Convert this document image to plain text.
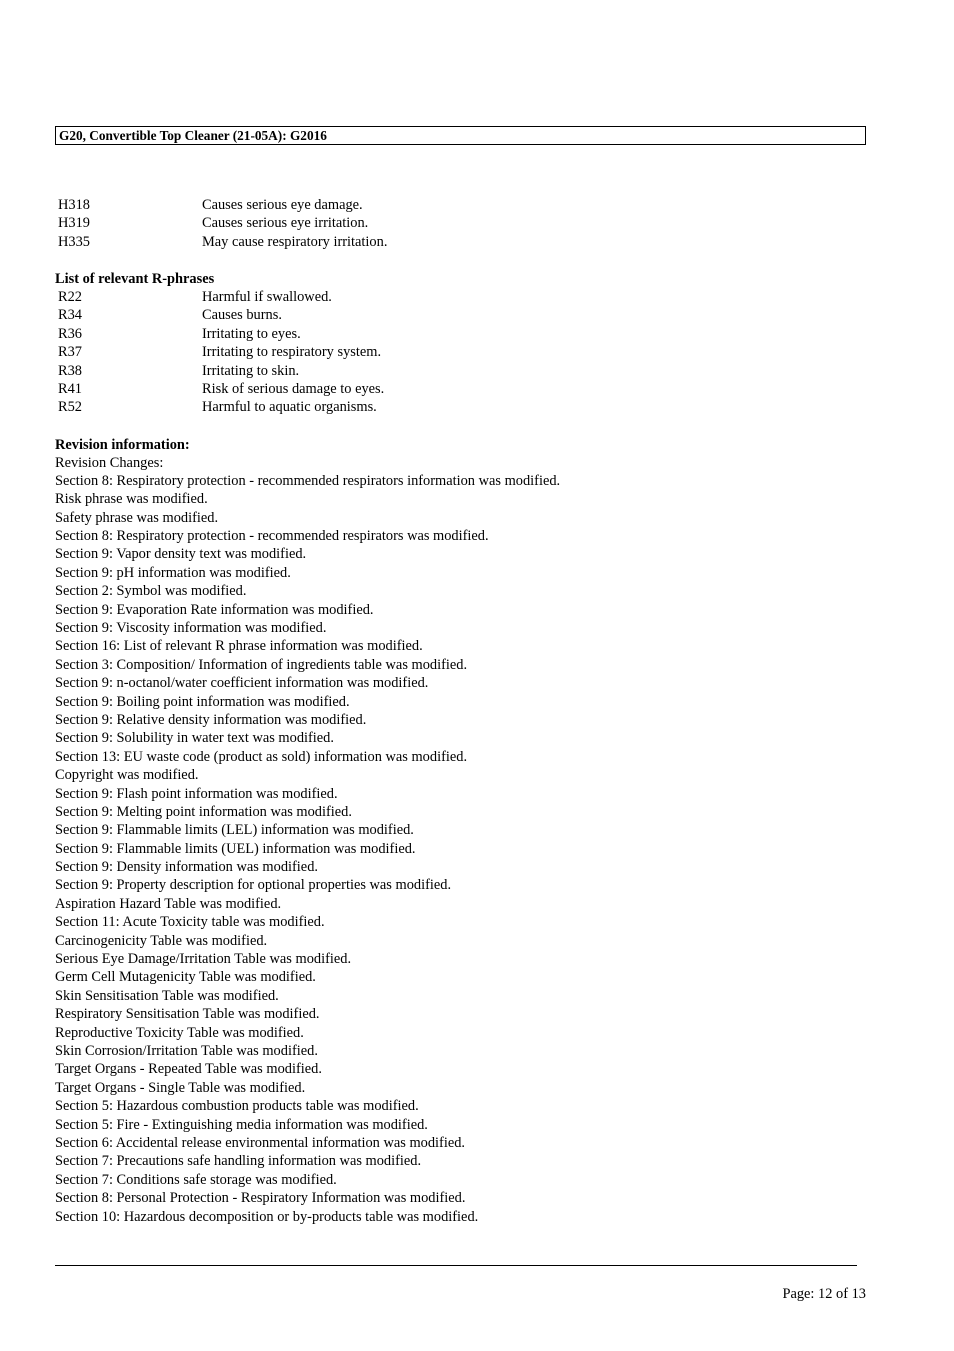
G20, Convertible Top Cleaner (21-05A): G2016
H318	Causes serious eye damage.
H319	Causes serious eye irritation.
H335	May cause respiratory irritation.
List of relevant R-phrases
R22	Harmful if swallowed.
R34	Causes burns.
R36	Irritating to eyes.
R37	Irritating to respiratory system.
R38	Irritating to skin.
R41	Risk of serious damage to eyes.
R52	Harmful to aquatic organisms.
Revision information:
Revision Changes:
Section 8: Respiratory protection - recommended respirators information was modified.
Risk phrase was modified.
Safety phrase was modified.
Section 8: Respiratory protection - recommended respirators was modified.
Section 9: Vapor density text was modified.
Section 9: pH information was modified.
Section 2: Symbol was modified.
Section 9: Evaporation Rate information was modified.
Section 9: Viscosity information was modified.
Section 16: List of relevant R phrase information was modified.
Section 3: Composition/ Information of ingredients table was modified.
Section 9: n-octanol/water coefficient information was modified.
Section 9: Boiling point information was modified.
Section 9: Relative density information was modified.
Section 9: Solubility in water text was modified.
Section 13: EU waste code (product as sold) information was modified.
Copyright was modified.
Section 9: Flash point information was modified.
Section 9: Melting point information was modified.
Section 9: Flammable limits (LEL) information was modified.
Section 9: Flammable limits (UEL) information was modified.
Section 9: Density information was modified.
Section 9: Property description for optional properties was modified.
Aspiration Hazard Table was modified.
Section 11: Acute Toxicity table was modified.
Carcinogenicity Table was modified.
Serious Eye Damage/Irritation Table was modified.
Germ Cell Mutagenicity Table was modified.
Skin Sensitisation Table was modified.
Respiratory Sensitisation Table was modified.
Reproductive Toxicity Table was modified.
Skin Corrosion/Irritation Table was modified.
Target Organs - Repeated Table was modified.
Target Organs - Single Table was modified.
Section 5: Hazardous combustion products table was modified.
Section 5: Fire - Extinguishing media information was modified.
Section 6: Accidental release environmental information was modified.
Section 7: Precautions safe handling information was modified.
Section 7: Conditions safe storage was modified.
Section 8: Personal Protection - Respiratory Information was modified.
Section 10: Hazardous decomposition or by-products table was modified.
Page: 12 of 13
